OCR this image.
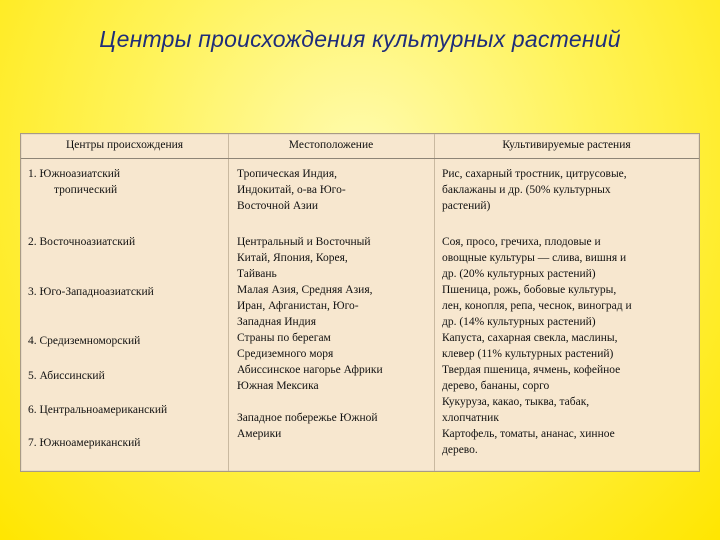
Центры происхождения культурных растений
Центры происхождения	Местоположение	Культивируемые растения
1. Южноазиатский
тропический
Тропическая Индия,
Индокитай, о-ва Юго-
Восточной Азии
Рис, сахарный тростник, цитрусовые,
баклажаны и др. (50% культурных
растений)
2. Восточноазиатский
3. Юго-Западноазиатский
4. Средиземноморский
5. Абиссинский
6. Центральноамериканский
7. Южноамериканский
Центральный и Восточный
Китай, Япония, Корея,
Тайвань
Малая Азия, Средняя Азия,
Иран, Афганистан, Юго-
Западная Индия
Страны по берегам
Средиземного моря
Абиссинское нагорье Африки
Южная Мексика
Западное побережье Южной
Америки
Соя, просо, гречиха, плодовые и
овощные культуры — слива, вишня и
др. (20% культурных растений)
Пшеница, рожь, бобовые культуры,
лен, конопля, репа, чеснок, виноград и
др. (14% культурных растений)
Капуста, сахарная свекла, маслины,
клевер (11% культурных растений)
Твердая пшеница, ячмень, кофейное
дерево, бананы, сорго
Кукуруза, какао, тыква, табак,
хлопчатник
Картофель, томаты, ананас, хинное
дерево.
